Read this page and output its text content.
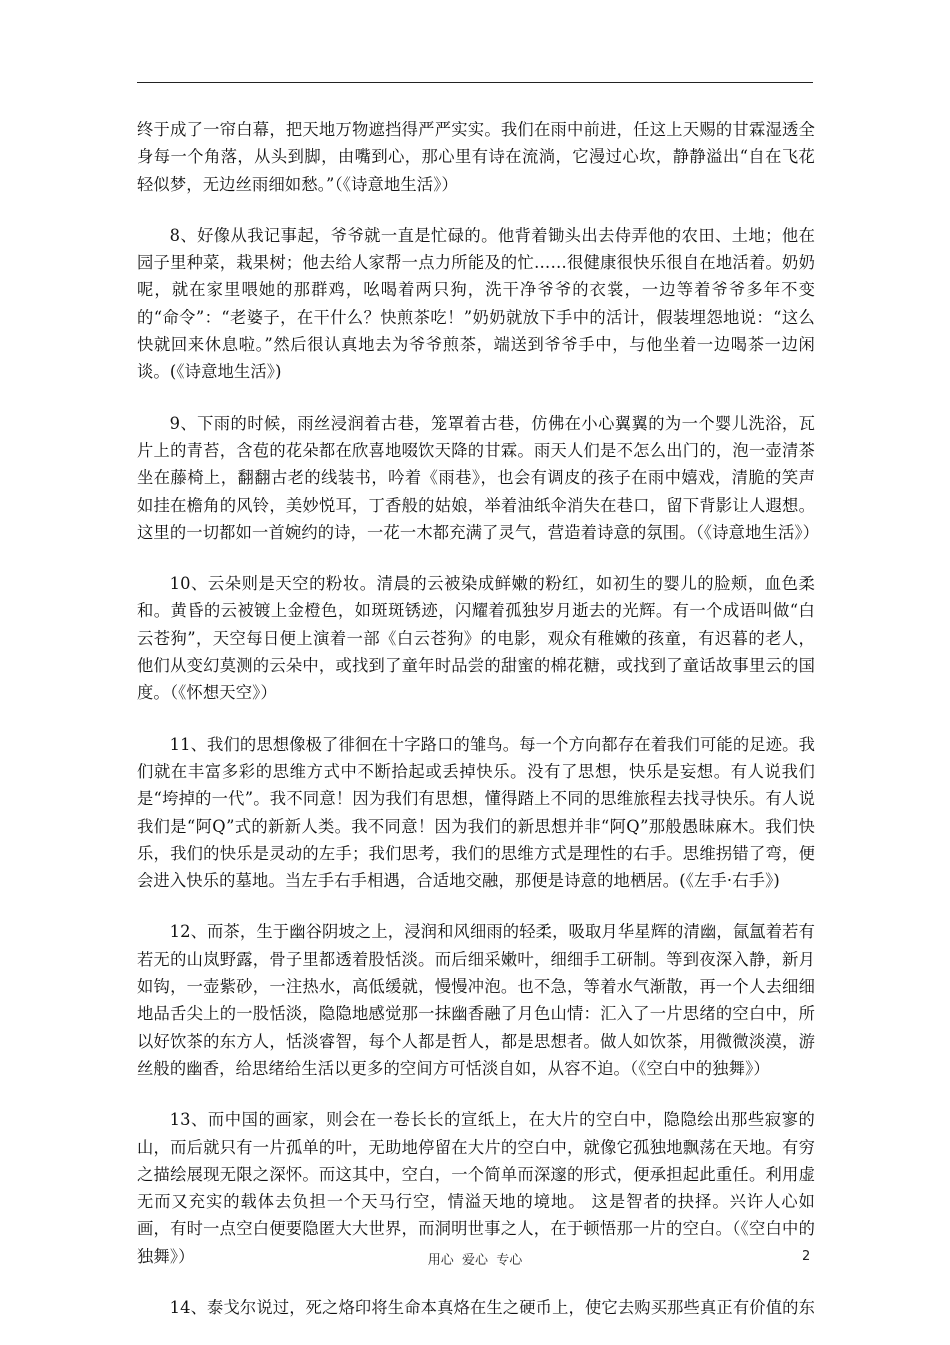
终于成了一帘白幕，把天地万物遮挡得严严实实。我们在雨中前进，任这上天赐的甘霖湿透全身每一个角落，从头到脚，由嘴到心，那心里有诗在流淌，它漫过心坎，静静溢出“自在飞花轻似梦，无边丝雨细如愁。”（《诗意地生活》）

8、好像从我记事起，爷爷就一直是忙碌的。他背着锄头出去侍弄他的农田、土地；他在园子里种菜，栽果树；他去给人家帮一点力所能及的忙……很健康很快乐很自在地活着。奶奶呢，就在家里喂她的那群鸡，吆喝着两只狗，洗干净爷爷的衣裳，一边等着爷爷多年不变的“命令”：“老婆子，在干什么？快煎茶吃！”奶奶就放下手中的活计，假装埋怨地说：“这么快就回来休息啦。”然后很认真地去为爷爷煎茶，端送到爷爷手中，与他坐着一边喝茶一边闲谈。(《诗意地生活》)

9、下雨的时候，雨丝浸润着古巷，笼罩着古巷，仿佛在小心翼翼的为一个婴儿洗浴，瓦片上的青苔，含苞的花朵都在欣喜地啜饮天降的甘霖。雨天人们是不怎么出门的，泡一壶清茶坐在藤椅上，翻翻古老的线装书，吟着《雨巷》，也会有调皮的孩子在雨中嬉戏，清脆的笑声如挂在檐角的风铃，美妙悦耳，丁香般的姑娘，举着油纸伞消失在巷口，留下背影让人遐想。这里的一切都如一首婉约的诗，一花一木都充满了灵气，营造着诗意的氛围。（《诗意地生活》）

10、云朵则是天空的粉妆。清晨的云被染成鲜嫩的粉红，如初生的婴儿的脸颊，血色柔和。黄昏的云被镀上金橙色，如斑斑锈迹，闪耀着孤独岁月逝去的光辉。有一个成语叫做“白云苍狗”，天空每日便上演着一部《白云苍狗》的电影，观众有稚嫩的孩童，有迟暮的老人，他们从变幻莫测的云朵中，或找到了童年时品尝的甜蜜的棉花糖，或找到了童话故事里云的国度。（《怀想天空》）

11、我们的思想像极了徘徊在十字路口的雏鸟。每一个方向都存在着我们可能的足迹。我们就在丰富多彩的思维方式中不断拾起或丢掉快乐。没有了思想，快乐是妄想。有人说我们是“垮掉的一代”。我不同意！因为我们有思想，懂得踏上不同的思维旅程去找寻快乐。有人说我们是“阿Q”式的新新人类。我不同意！因为我们的新思想并非“阿Q”那般愚昧麻木。我们快乐，我们的快乐是灵动的左手；我们思考，我们的思维方式是理性的右手。思维拐错了弯，便会进入快乐的墓地。当左手右手相遇，合适地交融，那便是诗意的地栖居。(《左手·右手》)

12、而茶，生于幽谷阴坡之上，浸润和风细雨的轻柔，吸取月华星辉的清幽，氤氲着若有若无的山岚野露，骨子里都透着股恬淡。而后细采嫩叶，细细手工研制。等到夜深入静，新月如钩，一壶紫砂，一注热水，高低缓就，慢慢冲泡。也不急，等着水气渐散，再一个人去细细地品舌尖上的一股恬淡，隐隐地感觉那一抹幽香融了月色山情：汇入了一片思绪的空白中，所以好饮茶的东方人，恬淡睿智，每个人都是哲人，都是思想者。做人如饮茶，用微微淡漠，游丝般的幽香，给思绪给生活以更多的空间方可恬淡自如，从容不迫。（《空白中的独舞》）

13、而中国的画家，则会在一卷长长的宣纸上，在大片的空白中，隐隐绘出那些寂寥的山，而后就只有一片孤单的叶，无助地停留在大片的空白中，就像它孤独地飘荡在天地。有穷之描绘展现无限之深怀。而这其中，空白，一个简单而深邃的形式，便承担起此重任。利用虚无而又充实的载体去负担一个天马行空，情溢天地的境地。 这是智者的抉择。兴许人心如画，有时一点空白便要隐匿大大世界，而洞明世事之人，在于顿悟那一片的空白。（《空白中的独舞》）

14、泰戈尔说过，死之烙印将生命本真烙在生之硬币上，使它去购买那些真正有价值的东

用心  爱心  专心	2
